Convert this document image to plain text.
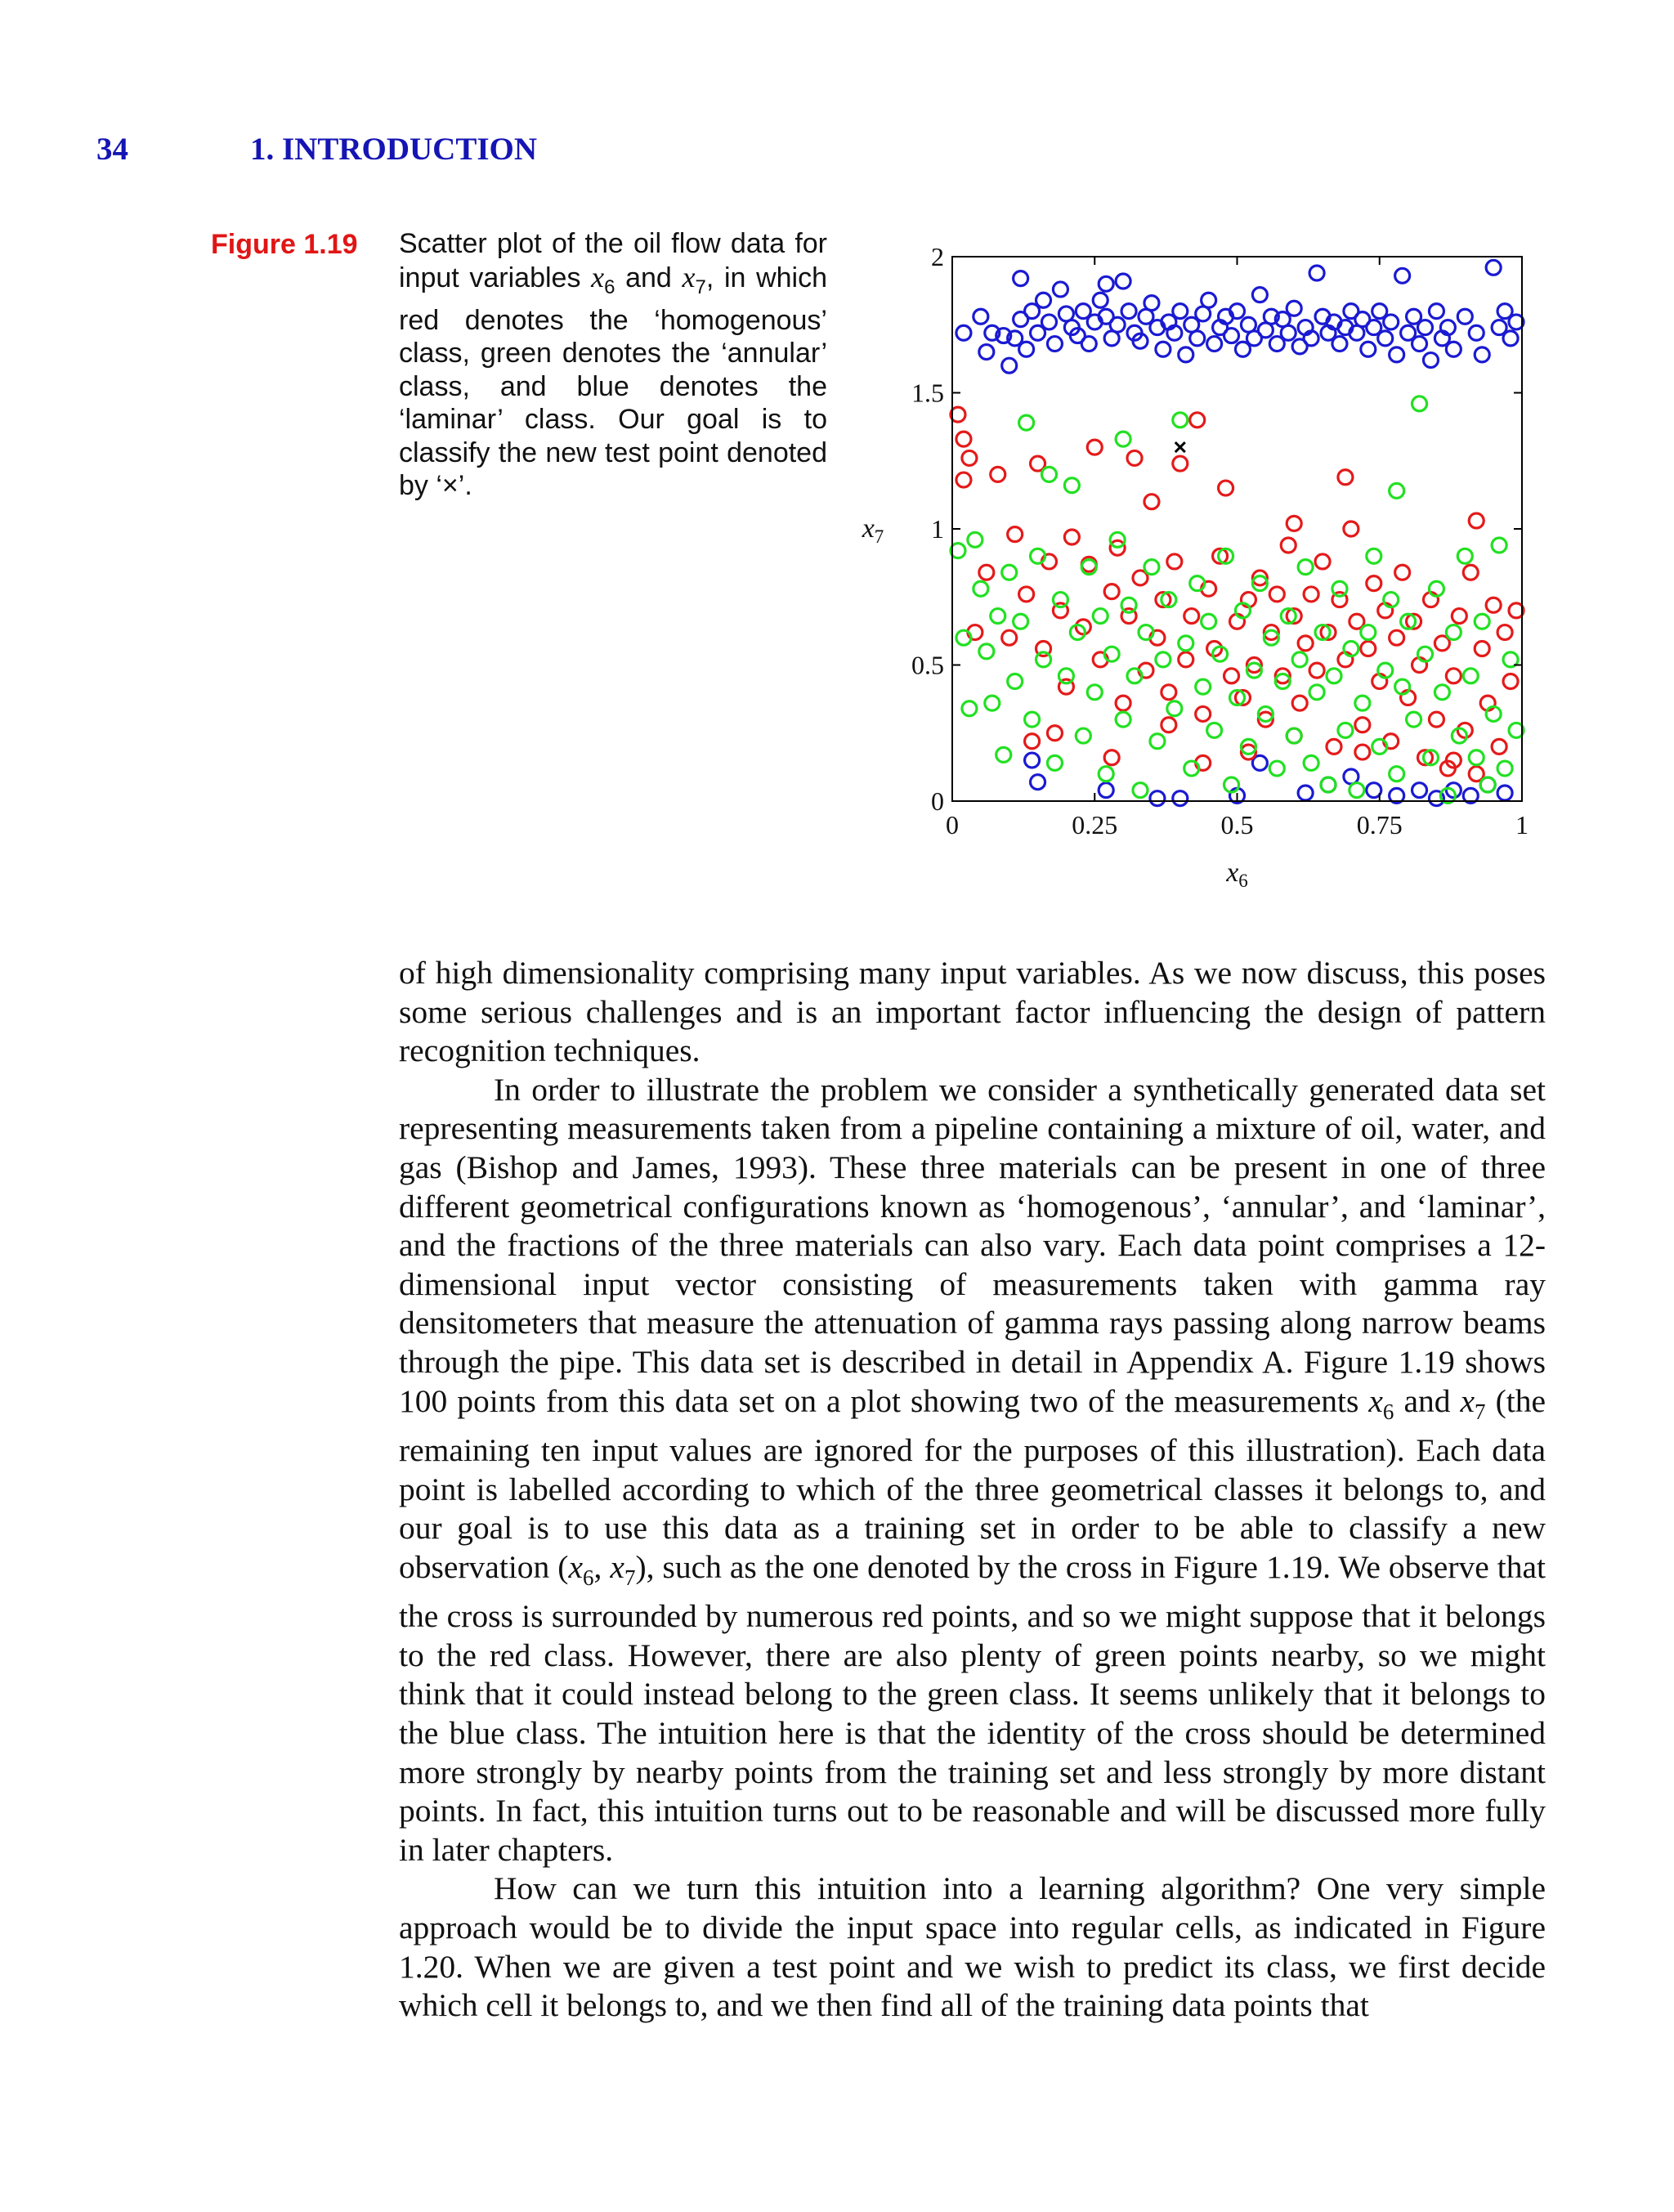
34	1. INTRODUCTION
Figure 1.19 Scatter plot of the oil flow data for input variables $x_6$ and $x_7$, in which red denotes the ‘homogenous’ class, green denotes the ‘annular’ class, and blue denotes the ‘laminar’ class. Our goal is to classify the new test point denoted by ‘×’.
0	0.25	0.5	0.75	1
0
0.5
1
1.5
2
$x_6$
$x_7$

of high dimensionality comprising many input variables. As we now discuss, this poses some serious challenges and is an important factor influencing the design of pattern recognition techniques.

In order to illustrate the problem we consider a synthetically generated data set representing measurements taken from a pipeline containing a mixture of oil, water, and gas (Bishop and James, 1993). These three materials can be present in one of three different geometrical configurations known as ‘homogenous’, ‘annular’, and ‘laminar’, and the fractions of the three materials can also vary. Each data point comprises a 12-dimensional input vector consisting of measurements taken with gamma ray densitometers that measure the attenuation of gamma rays passing along narrow beams through the pipe. This data set is described in detail in Appendix A. Figure 1.19 shows 100 points from this data set on a plot showing two of the measurements $x_6$ and $x_7$ (the remaining ten input values are ignored for the purposes of this illustration). Each data point is labelled according to which of the three geometrical classes it belongs to, and our goal is to use this data as a training set in order to be able to classify a new observation ($x_6$, $x_7$), such as the one denoted by the cross in Figure 1.19. We observe that the cross is surrounded by numerous red points, and so we might suppose that it belongs to the red class. However, there are also plenty of green points nearby, so we might think that it could instead belong to the green class. It seems unlikely that it belongs to the blue class. The intuition here is that the identity of the cross should be determined more strongly by nearby points from the training set and less strongly by more distant points. In fact, this intuition turns out to be reasonable and will be discussed more fully in later chapters.

How can we turn this intuition into a learning algorithm? One very simple approach would be to divide the input space into regular cells, as indicated in Figure 1.20. When we are given a test point and we wish to predict its class, we first decide which cell it belongs to, and we then find all of the training data points that
